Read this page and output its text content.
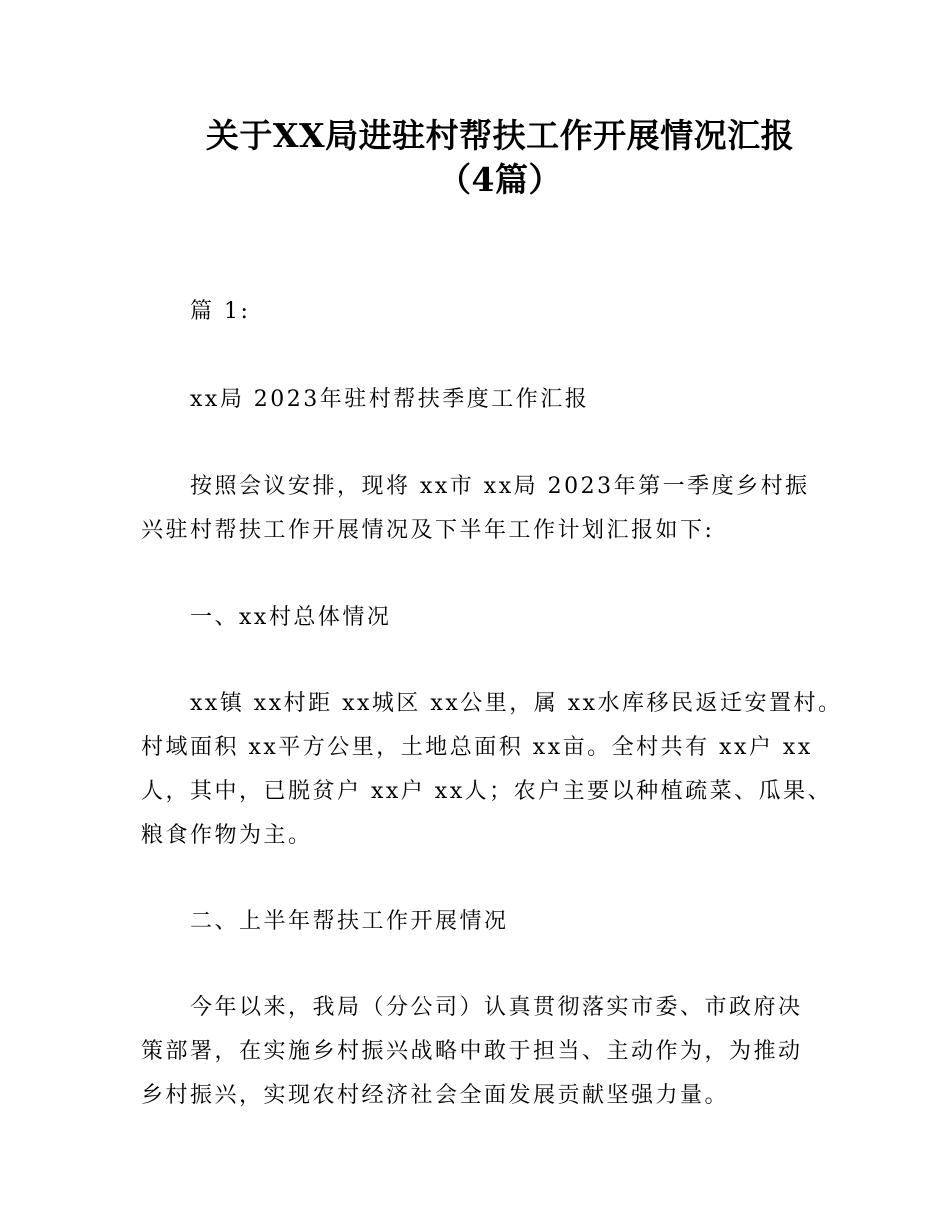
关于XX局进驻村帮扶工作开展情况汇报
（4篇）
篇 1:
xx局 2023年驻村帮扶季度工作汇报
按照会议安排，现将 xx市 xx局 2023年第一季度乡村振
兴驻村帮扶工作开展情况及下半年工作计划汇报如下:
一、xx村总体情况
xx镇 xx村距 xx城区 xx公里，属 xx水库移民返迁安置村。
村域面积 xx平方公里，土地总面积 xx亩。全村共有 xx户 xx
人，其中，已脱贫户 xx户 xx人；农户主要以种植疏菜、瓜果、
粮食作物为主。
二、上半年帮扶工作开展情况
今年以来，我局（分公司）认真贯彻落实市委、市政府决
策部署，在实施乡村振兴战略中敢于担当、主动作为，为推动
乡村振兴，实现农村经济社会全面发展贡献坚强力量。
